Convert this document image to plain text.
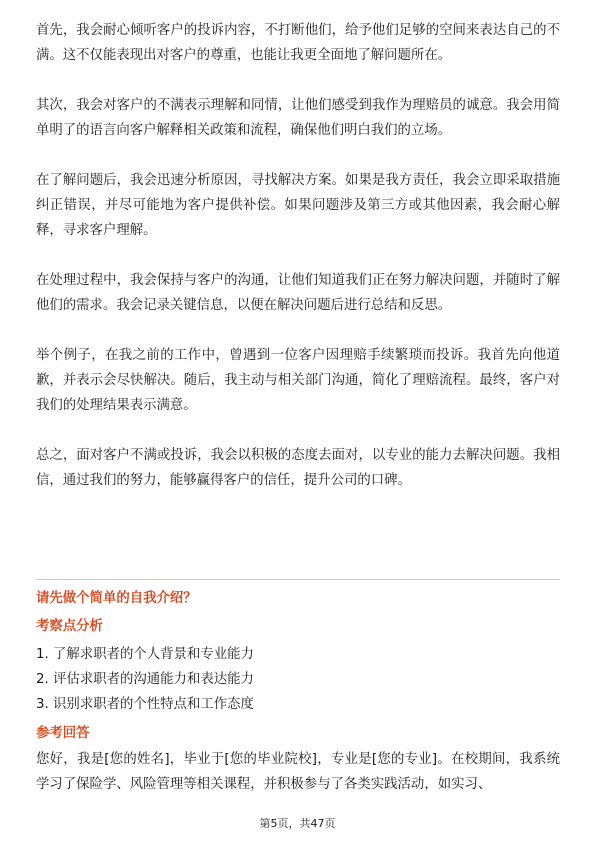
首先，我会耐心倾听客户的投诉内容，不打断他们，给予他们足够的空间来表达自己的不满。这不仅能表现出对客户的尊重，也能让我更全面地了解问题所在。

其次，我会对客户的不满表示理解和同情，让他们感受到我作为理赔员的诚意。我会用简单明了的语言向客户解释相关政策和流程，确保他们明白我们的立场。

在了解问题后，我会迅速分析原因，寻找解决方案。如果是我方责任，我会立即采取措施纠正错误，并尽可能地为客户提供补偿。如果问题涉及第三方或其他因素，我会耐心解释，寻求客户理解。

在处理过程中，我会保持与客户的沟通，让他们知道我们正在努力解决问题，并随时了解他们的需求。我会记录关键信息，以便在解决问题后进行总结和反思。

举个例子，在我之前的工作中，曾遇到一位客户因理赔手续繁琐而投诉。我首先向他道歉，并表示会尽快解决。随后，我主动与相关部门沟通，简化了理赔流程。最终，客户对我们的处理结果表示满意。

总之，面对客户不满或投诉，我会以积极的态度去面对，以专业的能力去解决问题。我相信，通过我们的努力，能够赢得客户的信任，提升公司的口碑。

请先做个简单的自我介绍？

考察点分析

1. 了解求职者的个人背景和专业能力
2. 评估求职者的沟通能力和表达能力
3. 识别求职者的个性特点和工作态度

参考回答

您好，我是[您的姓名]，毕业于[您的毕业院校]，专业是[您的专业]。在校期间，我系统学习了保险学、风险管理等相关课程，并积极参与了各类实践活动，如实习、

第5页，共47页
